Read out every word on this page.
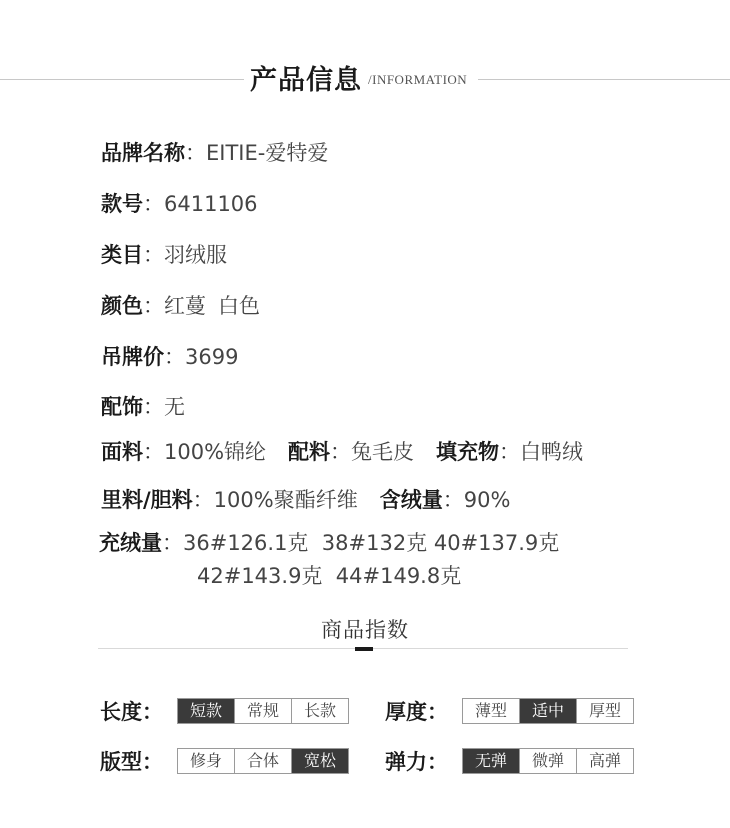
产品信息 /INFORMATION
品牌名称：EITIE-爱特爱
款号：6411106
类目：羽绒服
颜色：红蔓 白色
吊牌价：3699
配饰：无
面料：100%锦纶 配料：兔毛皮 填充物：白鸭绒
里料/胆料：100%聚酯纤维 含绒量：90%
充绒量：36#126.1克  38#132克 40#137.9克
42#143.9克  44#149.8克
商品指数
长度：	短款	常规	长款	厚度：	薄型	适中	厚型
版型：	修身	合体	宽松	弹力：	无弹	微弹	高弹
